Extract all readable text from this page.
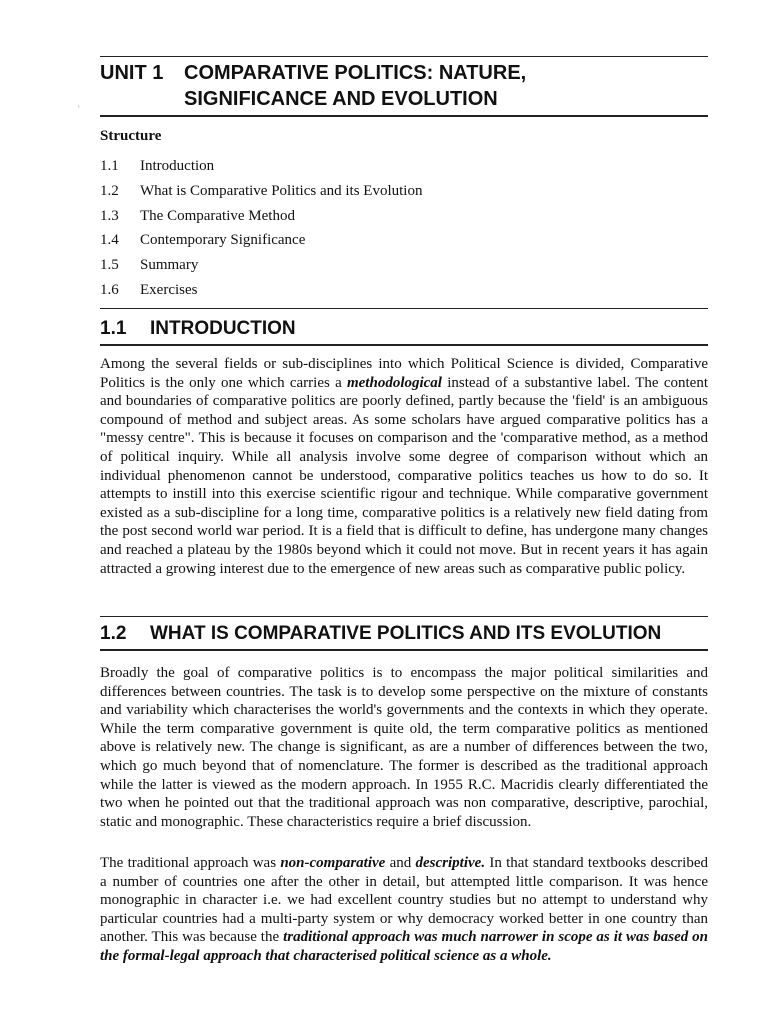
UNIT 1 COMPARATIVE POLITICS: NATURE,
SIGNIFICANCE AND EVOLUTION
Structure
1.1 Introduction
1.2 What is Comparative Politics and its Evolution
1.3 The Comparative Method
1.4 Contemporary Significance
1.5 Summary
1.6 Exercises
1.1 INTRODUCTION

Among the several fields or sub-disciplines into which Political Science is divided, Comparative Politics is the only one which carries a methodological instead of a substantive label. The content and boundaries of comparative politics are poorly defined, partly because the 'field' is an ambiguous compound of method and subject areas. As some scholars have argued comparative politics has a "messy centre". This is because it focuses on comparison and the 'comparative method, as a method of political inquiry. While all analysis involve some degree of comparison without which an individual phenomenon cannot be understood, comparative politics teaches us how to do so. It attempts to instill into this exercise scientific rigour and technique. While comparative government existed as a sub-discipline for a long time, comparative politics is a relatively new field dating from the post second world war period. It is a field that is difficult to define, has undergone many changes and reached a plateau by the 1980s beyond which it could not move. But in recent years it has again attracted a growing interest due to the emergence of new areas such as comparative public policy.

1.2 WHAT IS COMPARATIVE POLITICS AND ITS EVOLUTION

Broadly the goal of comparative politics is to encompass the major political similarities and differences between countries. The task is to develop some perspective on the mixture of constants and variability which characterises the world's governments and the contexts in which they operate. While the term comparative government is quite old, the term comparative politics as mentioned above is relatively new. The change is significant, as are a number of differences between the two, which go much beyond that of nomenclature. The former is described as the traditional approach while the latter is viewed as the modern approach. In 1955 R.C. Macridis clearly differentiated the two when he pointed out that the traditional approach was non comparative, descriptive, parochial, static and monographic. These characteristics require a brief discussion.

The traditional approach was non-comparative and descriptive. In that standard textbooks described a number of countries one after the other in detail, but attempted little comparison. It was hence monographic in character i.e. we had excellent country studies but no attempt to understand why particular countries had a multi-party system or why democracy worked better in one country than another. This was because the traditional approach was much narrower in scope as it was based on the formal-legal approach that characterised political science as a whole.

'
